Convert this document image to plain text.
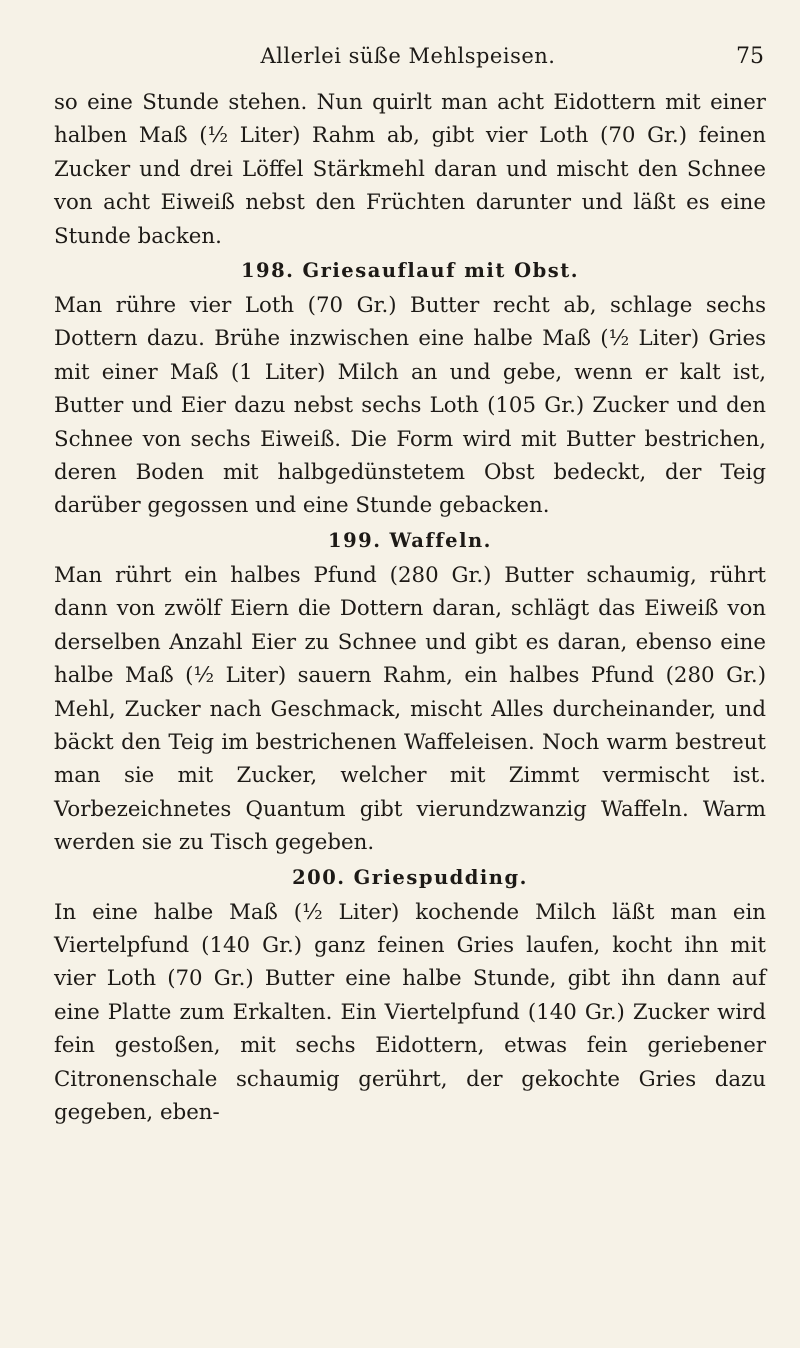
Allerlei süße Mehlspeisen.	75

so eine Stunde stehen. Nun quirlt man acht Eidottern mit einer halben Maß (½ Liter) Rahm ab, gibt vier Loth (70 Gr.) feinen Zucker und drei Löffel Stärkmehl daran und mischt den Schnee von acht Eiweiß nebst den Früchten darunter und läßt es eine Stunde backen.

198. Griesauflauf mit Obst.

Man rühre vier Loth (70 Gr.) Butter recht ab, schlage sechs Dottern dazu. Brühe inzwischen eine halbe Maß (½ Liter) Gries mit einer Maß (1 Liter) Milch an und gebe, wenn er kalt ist, Butter und Eier dazu nebst sechs Loth (105 Gr.) Zucker und den Schnee von sechs Eiweiß. Die Form wird mit Butter bestrichen, deren Boden mit halbgedünstetem Obst bedeckt, der Teig darüber gegossen und eine Stunde gebacken.

199. Waffeln.

Man rührt ein halbes Pfund (280 Gr.) Butter schaumig, rührt dann von zwölf Eiern die Dottern daran, schlägt das Eiweiß von derselben Anzahl Eier zu Schnee und gibt es daran, ebenso eine halbe Maß (½ Liter) sauern Rahm, ein halbes Pfund (280 Gr.) Mehl, Zucker nach Geschmack, mischt Alles durcheinander, und bäckt den Teig im bestrichenen Waffeleisen. Noch warm bestreut man sie mit Zucker, welcher mit Zimmt vermischt ist. Vorbezeichnetes Quantum gibt vierundzwanzig Waffeln. Warm werden sie zu Tisch gegeben.

200. Griespudding.

In eine halbe Maß (½ Liter) kochende Milch läßt man ein Viertelpfund (140 Gr.) ganz feinen Gries laufen, kocht ihn mit vier Loth (70 Gr.) Butter eine halbe Stunde, gibt ihn dann auf eine Platte zum Erkalten. Ein Viertelpfund (140 Gr.) Zucker wird fein gestoßen, mit sechs Eidottern, etwas fein geriebener Citronenschale schaumig gerührt, der gekochte Gries dazu gegeben, eben-
